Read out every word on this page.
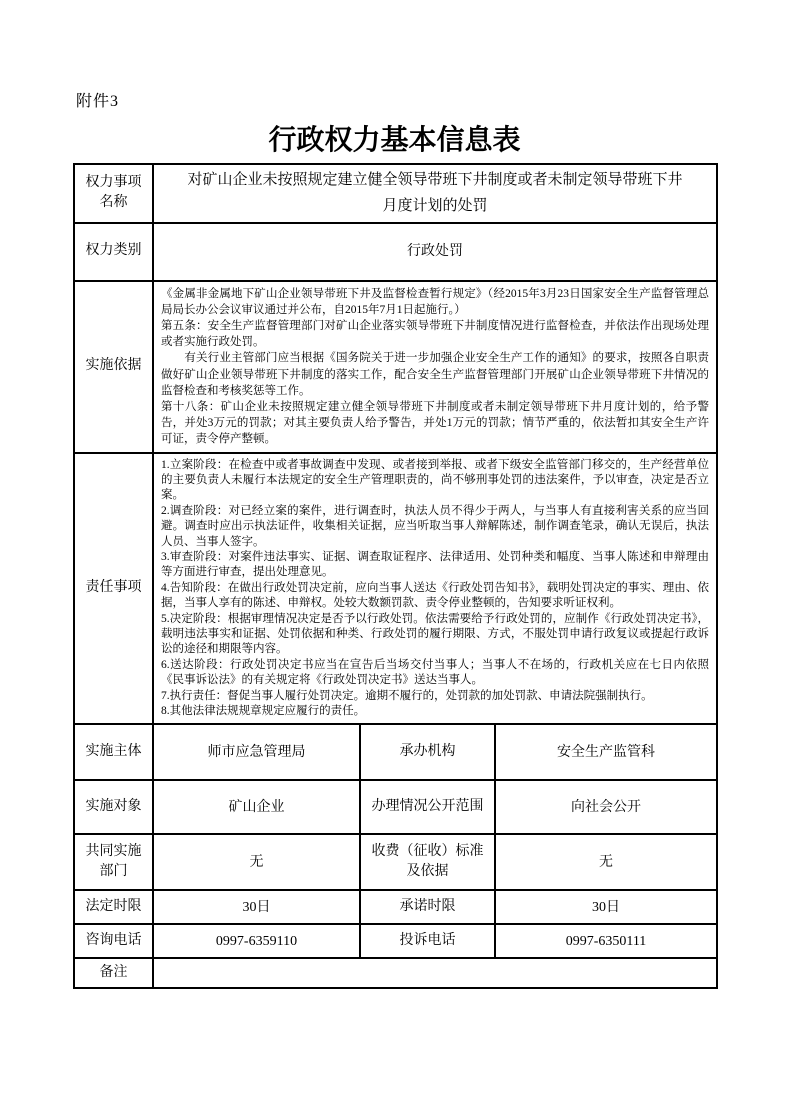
附件3
行政权力基本信息表
权力事项名称	对矿山企业未按照规定建立健全领导带班下井制度或者未制定领导带班下井月度计划的处罚		
权力类别	行政处罚		
实施依据	《金属非金属地下矿山企业领导带班下井及监督检查暂行规定》（经2015年3月23日国家安全生产监督管理总局局长办公会议审议通过并公布，自2015年7月1日起施行。）

第五条：安全生产监督管理部门对矿山企业落实领导带班下井制度情况进行监督检查，并依法作出现场处理或者实施行政处罚。

　　有关行业主管部门应当根据《国务院关于进一步加强企业安全生产工作的通知》的要求，按照各自职责做好矿山企业领导带班下井制度的落实工作，配合安全生产监督管理部门开展矿山企业领导带班下井情况的监督检查和考核奖惩等工作。

第十八条：矿山企业未按照规定建立健全领导带班下井制度或者未制定领导带班下井月度计划的，给予警告，并处3万元的罚款；对其主要负责人给予警告，并处1万元的罚款；情节严重的，依法暂扣其安全生产许可证，责令停产整顿。		

责任事项	

1.立案阶段：在检查中或者事故调查中发现、或者接到举报、或者下级安全监管部门移交的，生产经营单位的主要负责人未履行本法规定的安全生产管理职责的，尚不够刑事处罚的违法案件，予以审查，决定是否立案。

2.调查阶段：对已经立案的案件，进行调查时，执法人员不得少于两人，与当事人有直接利害关系的应当回避。调查时应出示执法证件，收集相关证据，应当听取当事人辩解陈述，制作调查笔录，确认无误后，执法人员、当事人签字。

3.审查阶段：对案件违法事实、证据、调查取证程序、法律适用、处罚种类和幅度、当事人陈述和申辩理由等方面进行审查，提出处理意见。

4.告知阶段：在做出行政处罚决定前，应向当事人送达《行政处罚告知书》，载明处罚决定的事实、理由、依据，当事人享有的陈述、申辩权。处较大数额罚款、责令停业整顿的，告知要求听证权利。

5.决定阶段：根据审理情况决定是否予以行政处罚。依法需要给予行政处罚的，应制作《行政处罚决定书》，载明违法事实和证据、处罚依据和种类、行政处罚的履行期限、方式，不服处罚申请行政复议或提起行政诉讼的途径和期限等内容。

6.送达阶段：行政处罚决定书应当在宣告后当场交付当事人；当事人不在场的，行政机关应在七日内依照《民事诉讼法》的有关规定将《行政处罚决定书》送达当事人。

7.执行责任：督促当事人履行处罚决定。逾期不履行的，处罚款的加处罚款、申请法院强制执行。

8.其他法律法规规章规定应履行的责任。

实施主体	师市应急管理局	承办机构	安全生产监管科
实施对象	矿山企业	办理情况公开范围	向社会公开
共同实施部门	无	收费（征收）标准及依据	无
法定时限	30日	承诺时限	30日
咨询电话	0997-6359110	投诉电话	0997-6350111
备注			
